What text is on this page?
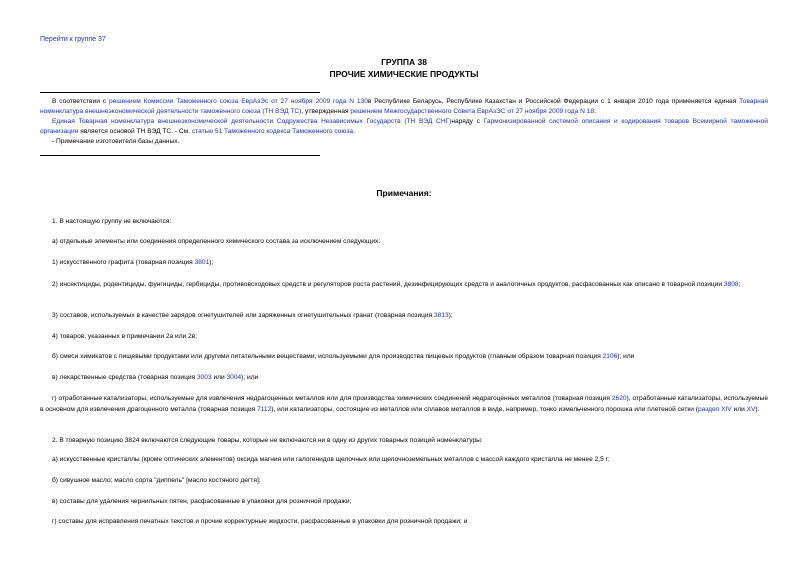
Перейти к группе 37
ГРУППА 38
ПРОЧИЕ ХИМИЧЕСКИЕ ПРОДУКТЫ

В соответствии с решением Комиссии Таможенного союза ЕврАзЭс от 27 ноября 2009 года N 130в Республике Беларусь, Республике Казахстан и Российской Федерации с 1 января 2010 года применяется единая Товарная номенклатура внешнеэкономической деятельности таможенного союза (ТН ВЭД ТС), утвержденная решением Межгосударственного Совета ЕврАзЭС от 27 ноября 2009 года N 18.

Единая Товарная номенклатура внешнеэкономической деятельности Содружества Независимых Государств (ТН ВЭД СНГ)наряду с Гармонизированной системой описания и кодирования товаров Всемирной таможенной организации является основой ТН ВЭД ТС. - См. статью 51 Таможенного кодекса Таможенного союза.

- Примечание изготовителя базы данных.

Примечания:

1. В настоящую группу не включаются:

а) отдельные элементы или соединения определенного химического состава за исключением следующих:

1) искусственного графита (товарная позиция 3801);

2) инсектициды, родентициды, фунгициды, гербициды, противовсходовых средств и регуляторов роста растений, дезинфицирующих средств и аналогичных продуктов, расфасованных как описано в товарной позиции 3808;

3) составов, используемых в качестве зарядов огнетушителей или заряженных огнетушительных гранат (товарная позиция 3813);

4) товаров, указанных в примечании 2а или 2в;

б) смеси химикатов с пищевыми продуктами или другими питательными веществами, используемыми для производства пищевых продуктов (главным образом товарная позиция 2106); или

в) лекарственные средства (товарная позиция 3003 или 3004); или

г) отработанные катализаторы, используемые для извлечения недрагоценных металлов или для производства химических соединений недрагоценных металлов (товарная позиция 2620), отработанные катализаторы, используемые в основном для извлечения драгоценного металла (товарная позиция 7112), или катализаторы, состоящие из металлов или сплавов металлов в виде, например, тонко измельченного порошка или плетеной сетки (раздел XIV или XV).

2. В товарную позицию 3824 включаются следующие товары, которые не включаются ни в одну из других товарных позиций номенклатуры:

а) искусственные кристаллы (кроме оптических элементов) оксида магния или галогенидов щелочных или щелочноземельных металлов с массой каждого кристалла не менее 2,5 г;

б) сивушное масло; масло сорта "диппель" [масло костяного дегтя];

в) составы для удаления чернильных пятен, расфасованные в упаковки для розничной продажи;

г) составы для исправления печатных текстов и прочие корректурные жидкости, расфасованные в упаковки для розничной продажи; и
